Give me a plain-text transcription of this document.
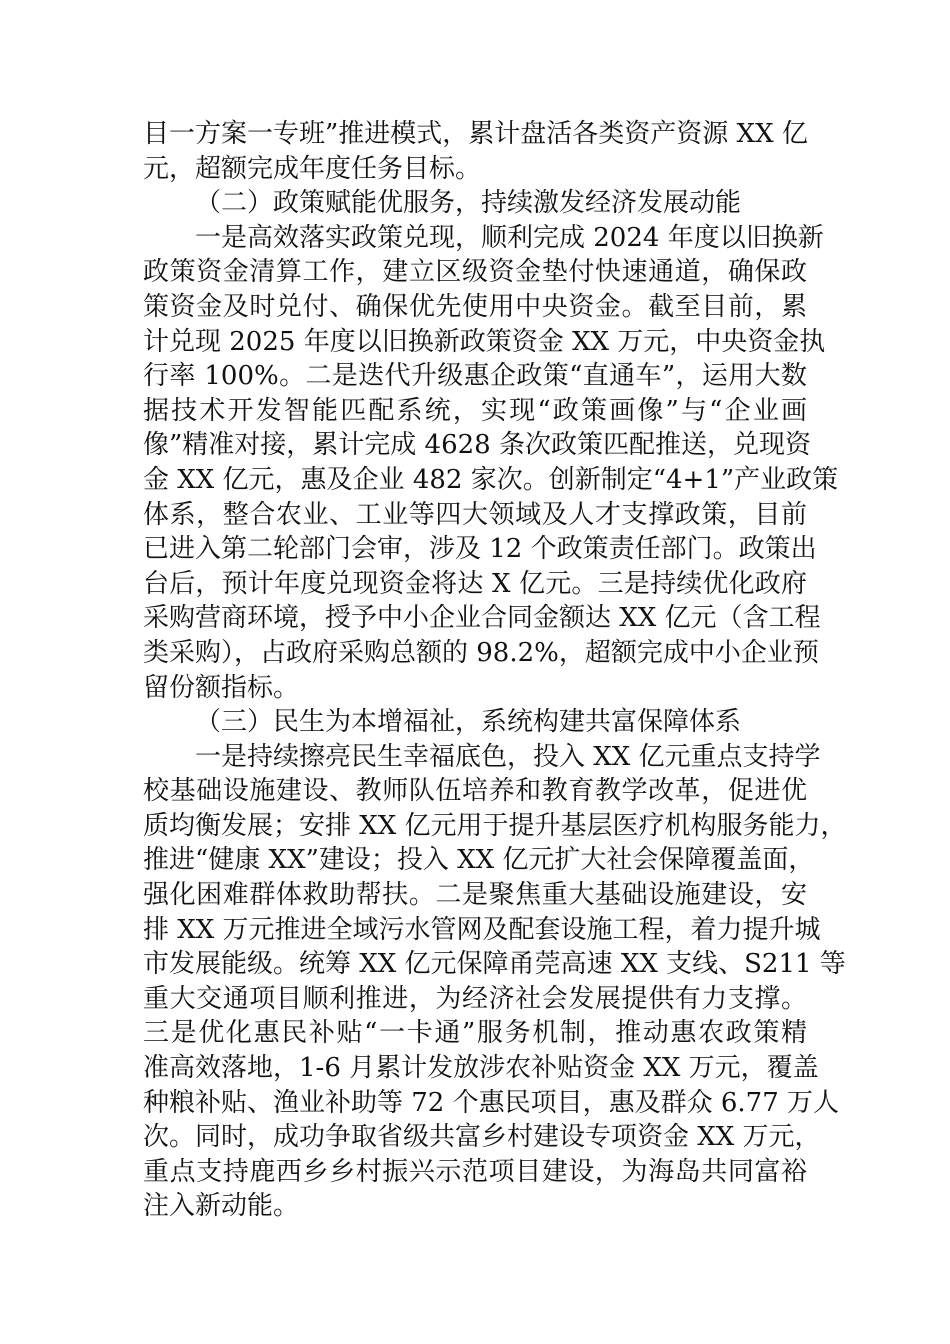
目一方案一专班”推进模式，累计盘活各类资产资源 XX 亿
元，超额完成年度任务目标。
（二）政策赋能优服务，持续激发经济发展动能
一是高效落实政策兑现，顺利完成 2024 年度以旧换新
政策资金清算工作，建立区级资金垫付快速通道，确保政
策资金及时兑付、确保优先使用中央资金。截至目前，累
计兑现 2025 年度以旧换新政策资金 XX 万元，中央资金执
行率 100%。二是迭代升级惠企政策“直通车”，运用大数
据技术开发智能匹配系统，实现“政策画像”与“企业画
像”精准对接，累计完成 4628 条次政策匹配推送，兑现资
金 XX 亿元，惠及企业 482 家次。创新制定“4+1”产业政策
体系，整合农业、工业等四大领域及人才支撑政策，目前
已进入第二轮部门会审，涉及 12 个政策责任部门。政策出
台后，预计年度兑现资金将达 X 亿元。三是持续优化政府
采购营商环境，授予中小企业合同金额达 XX 亿元（含工程
类采购），占政府采购总额的 98.2%，超额完成中小企业预
留份额指标。
（三）民生为本增福祉，系统构建共富保障体系
一是持续擦亮民生幸福底色，投入 XX 亿元重点支持学
校基础设施建设、教师队伍培养和教育教学改革，促进优
质均衡发展；安排 XX 亿元用于提升基层医疗机构服务能力，
推进“健康 XX”建设；投入 XX 亿元扩大社会保障覆盖面，
强化困难群体救助帮扶。二是聚焦重大基础设施建设，安
排 XX 万元推进全域污水管网及配套设施工程，着力提升城
市发展能级。统筹 XX 亿元保障甬莞高速 XX 支线、S211 等
重大交通项目顺利推进，为经济社会发展提供有力支撑。
三是优化惠民补贴“一卡通”服务机制，推动惠农政策精
准高效落地，1-6 月累计发放涉农补贴资金 XX 万元，覆盖
种粮补贴、渔业补助等 72 个惠民项目，惠及群众 6.77 万人
次。同时，成功争取省级共富乡村建设专项资金 XX 万元，
重点支持鹿西乡乡村振兴示范项目建设，为海岛共同富裕
注入新动能。
